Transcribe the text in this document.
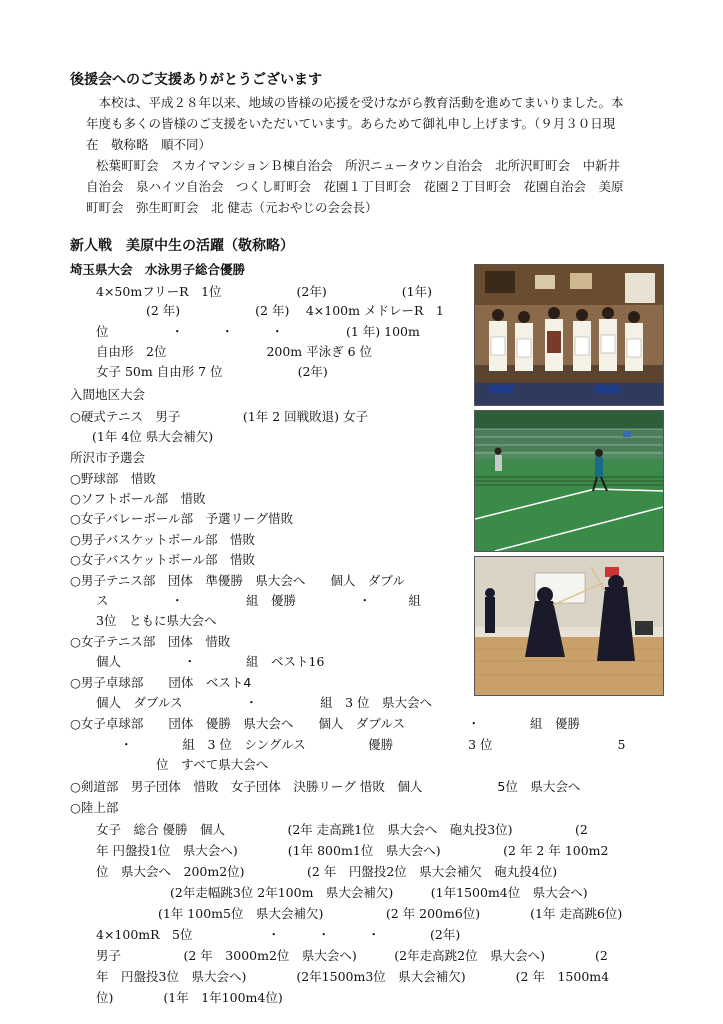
後援会へのご支援ありがとうございます
　本校は、平成２８年以来、地域の皆様の応援を受けながら教育活動を進めてまいりました。本
年度も多くの皆様のご支援をいただいています。あらためて御礼申し上げます。（９月３０日現
在　敬称略　順不同）
松葉町町会　スカイマンションＢ棟自治会　所沢ニュータウン自治会　北所沢町町会　中新井
自治会　泉ハイツ自治会　つくし町町会　花園１丁目町会　花園２丁目町会　花園自治会　美原
町町会　弥生町町会　北 健志（元おやじの会会長）
新人戦　美原中生の活躍（敬称略）
埼玉県大会　水泳男子総合優勝
4×50mフリーR　1位　　　　　　(2年)　　　　　　(1年)
(2 年)　　　　　　(2 年)　 4×100m メドレーR　1
位　　　　　・　　　・　　　・　　　　　(1 年) 100m
自由形　2位　　　　　　　　200m 平泳ぎ 6 位
女子 50m 自由形 7 位　　　　　　(2年)
入間地区大会
○硬式テニス　男子　　　　　(1年 2 回戦敗退) 女子
(1年 4位 県大会補欠)
所沢市予選会
○野球部　惜敗
○ソフトボール部　惜敗
○女子バレーボール部　予選リーグ惜敗
○男子バスケットボール部　惜敗
○女子バスケットボール部　惜敗
○男子テニス部　団体　準優勝　県大会へ　　個人　ダブル
ス　　　　　・　　　　　組　優勝　　　　　・　　　組
3位　ともに県大会へ
○女子テニス部　団体　惜敗
個人　　　　　・　　　　組　ベスト16
○男子卓球部　　団体　ベスト4
個人　ダブルス　　　　　・　　　　　組　3 位　県大会へ
○女子卓球部　　団体　優勝　県大会へ　　個人　ダブルス　　　　　・　　　　組　優勝
・　　　　組　3 位　シングルス　　　　　優勝　　　　　　3 位　　　　　　　　　　5
位　すべて県大会へ
○剣道部　男子団体　惜敗　女子団体　決勝リーグ 惜敗　個人　　　　　　5位　県大会へ
○陸上部
女子　総合 優勝　個人　　　　　(2年 走高跳1位　県大会へ　砲丸投3位)　　　　　(2
年 円盤投1位　県大会へ)　　　　(1年 800m1位　県大会へ)　　　　　(2 年 2 年 100m2
位　県大会へ　200m2位)　　　　　(2 年　円盤投2位　県大会補欠　砲丸投4位)
(2年走幅跳3位 2年100m　県大会補欠)　　　(1年1500m4位　県大会へ)
(1年 100m5位　県大会補欠)　　　　　(2 年 200m6位)　　　　(1年 走高跳6位)
4×100mR　5位　　　　　　・　　　・　　　・　　　　(2年)
男子　　　　　(2 年　3000m2位　県大会へ)　　　(2年走高跳2位　県大会へ)　　　　(2
年　円盤投3位　県大会へ)　　　　(2年1500m3位　県大会補欠)　　　　(2 年　1500m4
位)　　　　(1年　1年100m4位)
